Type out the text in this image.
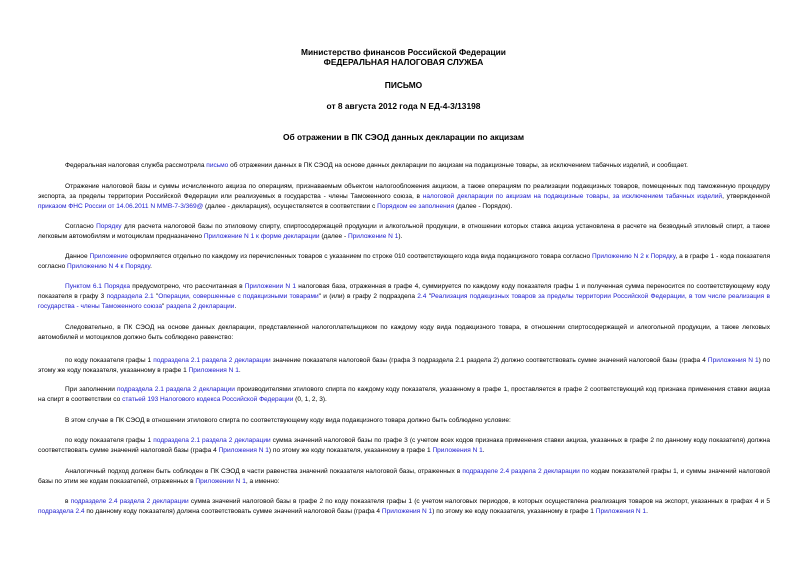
Министерство финансов Российской Федерации
ФЕДЕРАЛЬНАЯ НАЛОГОВАЯ СЛУЖБА
ПИСЬМО
от 8 августа 2012 года N ЕД-4-3/13198
Об отражении в ПК СЭОД данных декларации по акцизам

Федеральная налоговая служба рассмотрела письмо об отражении данных в ПК СЭОД на основе данных декларации по акцизам на подакцизные товары, за исключением табачных изделий, и сообщает.

Отражение налоговой базы и суммы исчисленного акциза по операциям, признаваемым объектом налогообложения акцизом, а также операциям по реализации подакцизных товаров, помещенных под таможенную процедуру экспорта, за пределы территории Российской Федерации или реализуемых в государства - члены Таможенного союза, в налоговой декларации по акцизам на подакцизные товары, за исключением табачных изделий, утвержденной приказом ФНС России от 14.06.2011 N ММВ-7-3/369@ (далее - декларация), осуществляется в соответствии с Порядком ее заполнения (далее - Порядок).

Согласно Порядку для расчета налоговой базы по этиловому спирту, спиртосодержащей продукции и алкогольной продукции, в отношении которых ставка акциза установлена в расчете на безводный этиловый спирт, а также легковым автомобилям и мотоциклам предназначено Приложение N 1 к форме декларации (далее - Приложение N 1).

Данное Приложение оформляется отдельно по каждому из перечисленных товаров с указанием по строке 010 соответствующего кода вида подакцизного товара согласно Приложению N 2 к Порядку, а в графе 1 - кода показателя согласно Приложению N 4 к Порядку.

Пунктом 6.1 Порядка предусмотрено, что рассчитанная в Приложении N 1 налоговая база, отраженная в графе 4, суммируется по каждому коду показателя графы 1 и полученная сумма переносится по соответствующему коду показателя в графу 3 подраздела 2.1 "Операции, совершенные с подакцизными товарами" и (или) в графу 2 подраздела 2.4 "Реализация подакцизных товаров за пределы территории Российской Федерации, в том числе реализация в государства - члены Таможенного союза" раздела 2 декларации.

Следовательно, в ПК СЭОД на основе данных декларации, представленной налогоплательщиком по каждому коду вида подакцизного товара, в отношении спиртосодержащей и алкогольной продукции, а также легковых автомобилей и мотоциклов должно быть соблюдено равенство:

по коду показателя графы 1 подраздела 2.1 раздела 2 декларации значение показателя налоговой базы (графа 3 подраздела 2.1 раздела 2) должно соответствовать сумме значений налоговой базы (графа 4 Приложения N 1) по этому же коду показателя, указанному в графе 1 Приложения N 1.

При заполнении подраздела 2.1 раздела 2 декларации производителями этилового спирта по каждому коду показателя, указанному в графе 1, проставляется в графе 2 соответствующий код признака применения ставки акциза на спирт в соответствии со статьей 193 Налогового кодекса Российской Федерации (0, 1, 2, 3).

В этом случае в ПК СЭОД в отношении этилового спирта по соответствующему коду вида подакцизного товара должно быть соблюдено условие:

по коду показателя графы 1 подраздела 2.1 раздела 2 декларации сумма значений налоговой базы по графе 3 (с учетом всех кодов признака применения ставки акциза, указанных в графе 2 по данному коду показателя) должна соответствовать сумме значений налоговой базы (графа 4 Приложения N 1) по этому же коду показателя, указанному в графе 1 Приложения N 1.

Аналогичный подход должен быть соблюден в ПК СЭОД в части равенства значений показателя налоговой базы, отраженных в подразделе 2.4 раздела 2 декларации по кодам показателей графы 1, и суммы значений налоговой базы по этим же кодам показателей, отраженных в Приложении N 1, а именно:

в подразделе 2.4 раздела 2 декларации сумма значений налоговой базы в графе 2 по коду показателя графы 1 (с учетом налоговых периодов, в которых осуществлена реализация товаров на экспорт, указанных в графах 4 и 5 подраздела 2.4 по данному коду показателя) должна соответствовать сумме значений налоговой базы (графа 4 Приложения N 1) по этому же коду показателя, указанному в графе 1 Приложения N 1.
